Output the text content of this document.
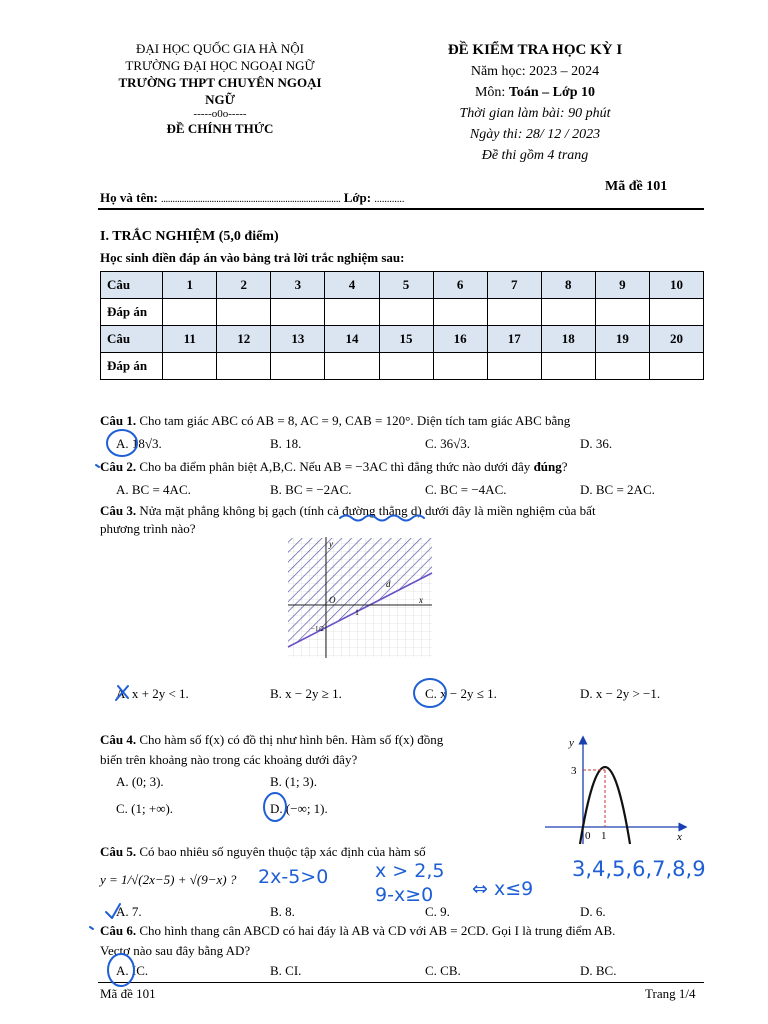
ĐẠI HỌC QUỐC GIA HÀ NỘI
TRƯỜNG ĐẠI HỌC NGOẠI NGỮ
TRƯỜNG THPT CHUYÊN NGOẠI
NGỮ
-----o0o-----
ĐỀ CHÍNH THỨC
ĐỀ KIỂM TRA HỌC KỲ I
Năm học: 2023 – 2024
Môn: Toán – Lớp 10
Thời gian làm bài: 90 phút
Ngày thi: 28/ 12 / 2023
Đề thi gồm 4 trang
Mã đề 101
Họ và tên: .............................................................................. Lớp: ............
I. TRẮC NGHIỆM (5,0 điểm)
Học sinh điền đáp án vào bảng trả lời trắc nghiệm sau:
Câu	1	2	3	4	5	6	7	8	9	10
Đáp án										
Câu	11	12	13	14	15	16	17	18	19	20
Đáp án										
Câu 1. Cho tam giác ABC có AB = 8, AC = 9, CAB = 120°. Diện tích tam giác ABC bằng
A. 18√3.	B. 18.	C. 36√3.	D. 36.
Câu 2. Cho ba điểm phân biệt A,B,C. Nếu AB = −3AC thì đẳng thức nào dưới đây đúng?
A. BC = 4AC.	B. BC = −2AC.	C. BC = −4AC.	D. BC = 2AC.
Câu 3. Nửa mặt phẳng không bị gạch (tính cả đường thẳng d) dưới đây là miền nghiệm của bất
phương trình nào?
y
x
O
d
1
−1/2
A. x + 2y < 1.	B. x − 2y ≥ 1.	C. x − 2y ≤ 1.	D. x − 2y > −1.
Câu 4. Cho hàm số f(x) có đồ thị như hình bên. Hàm số f(x) đồng
biến trên khoảng nào trong các khoảng dưới đây?
A. (0; 3).	B. (1; 3).
C. (1; +∞).	D. (−∞; 1).
y
x
3
0 1
Câu 5. Có bao nhiêu số nguyên thuộc tập xác định của hàm số
y = 1/√(2x−5) + √(9−x) ?
A. 7.	B. 8.	C. 9.	D. 6.
Câu 6. Cho hình thang cân ABCD có hai đáy là AB và CD với AB = 2CD. Gọi I là trung điểm AB.
Vectơ nào sau đây bằng AD?
A. IC.	B. CI.	C. CB.	D. BC.
Mã đề 101	Trang 1/4
2x-5>0 x > 2,5
9-x≥0 ⇔ x≤9
3,4,5,6,7,8,9
